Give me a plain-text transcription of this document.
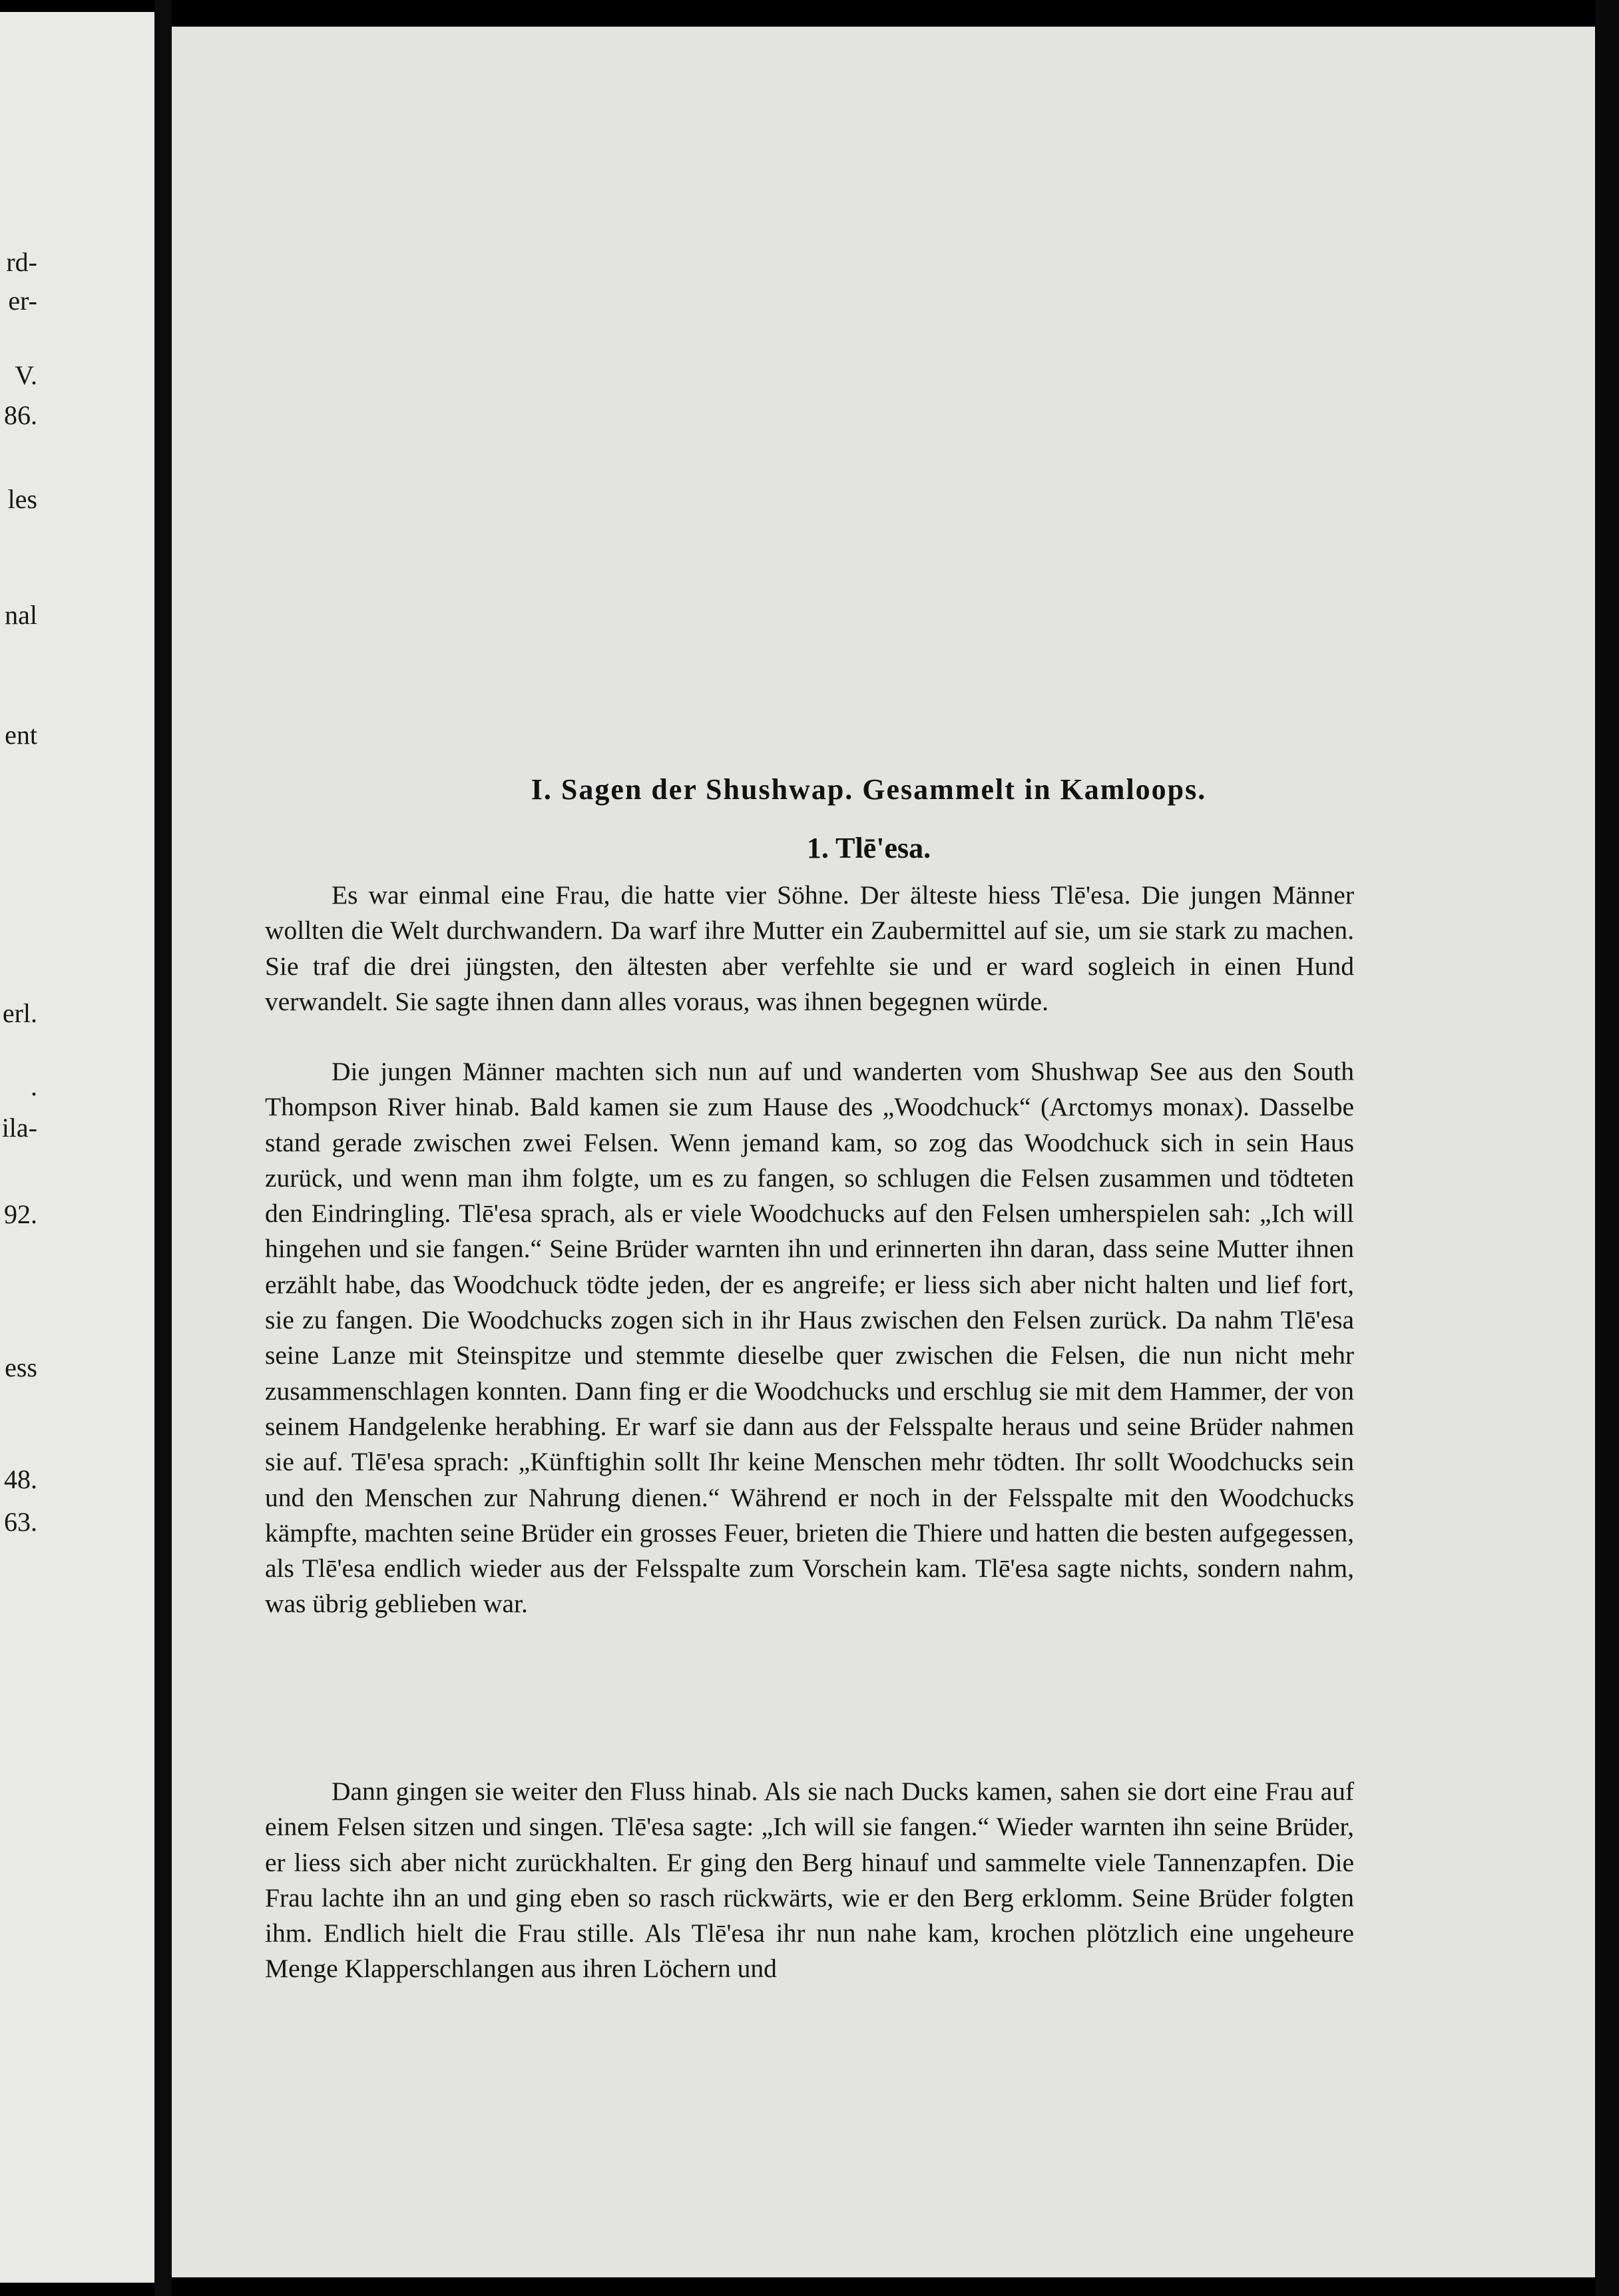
rd-

er-

V.

86.

les

nal

ent

erl.

.

ila-

92.

ess

48.

63.

I. Sagen der Shushwap. Gesammelt in Kamloops.
1. Tlē'esa.

Es war einmal eine Frau, die hatte vier Söhne. Der älteste hiess Tlē'esa. Die jungen Männer wollten die Welt durchwandern. Da warf ihre Mutter ein Zaubermittel auf sie, um sie stark zu machen. Sie traf die drei jüngsten, den ältesten aber verfehlte sie und er ward sogleich in einen Hund verwandelt. Sie sagte ihnen dann alles voraus, was ihnen begegnen würde.

Die jungen Männer machten sich nun auf und wanderten vom Shushwap See aus den South Thompson River hinab. Bald kamen sie zum Hause des „Woodchuck“ (Arctomys monax). Dasselbe stand gerade zwischen zwei Felsen. Wenn jemand kam, so zog das Woodchuck sich in sein Haus zurück, und wenn man ihm folgte, um es zu fangen, so schlugen die Felsen zusammen und tödteten den Eindringling. Tlē'esa sprach, als er viele Woodchucks auf den Felsen umherspielen sah: „Ich will hingehen und sie fangen.“ Seine Brüder warnten ihn und erinnerten ihn daran, dass seine Mutter ihnen erzählt habe, das Woodchuck tödte jeden, der es angreife; er liess sich aber nicht halten und lief fort, sie zu fangen. Die Woodchucks zogen sich in ihr Haus zwischen den Felsen zurück. Da nahm Tlē'esa seine Lanze mit Steinspitze und stemmte dieselbe quer zwischen die Felsen, die nun nicht mehr zusammenschlagen konnten. Dann fing er die Woodchucks und erschlug sie mit dem Hammer, der von seinem Handgelenke herabhing. Er warf sie dann aus der Felsspalte heraus und seine Brüder nahmen sie auf. Tlē'esa sprach: „Künftighin sollt Ihr keine Menschen mehr tödten. Ihr sollt Woodchucks sein und den Menschen zur Nahrung dienen.“ Während er noch in der Felsspalte mit den Woodchucks kämpfte, machten seine Brüder ein grosses Feuer, brieten die Thiere und hatten die besten aufgegessen, als Tlē'esa endlich wieder aus der Felsspalte zum Vorschein kam. Tlē'esa sagte nichts, sondern nahm, was übrig geblieben war.

Dann gingen sie weiter den Fluss hinab. Als sie nach Ducks kamen, sahen sie dort eine Frau auf einem Felsen sitzen und singen. Tlē'esa sagte: „Ich will sie fangen.“ Wieder warnten ihn seine Brüder, er liess sich aber nicht zurückhalten. Er ging den Berg hinauf und sammelte viele Tannenzapfen. Die Frau lachte ihn an und ging eben so rasch rückwärts, wie er den Berg erklomm. Seine Brüder folgten ihm. Endlich hielt die Frau stille. Als Tlē'esa ihr nun nahe kam, krochen plötzlich eine ungeheure Menge Klapperschlangen aus ihren Löchern und
